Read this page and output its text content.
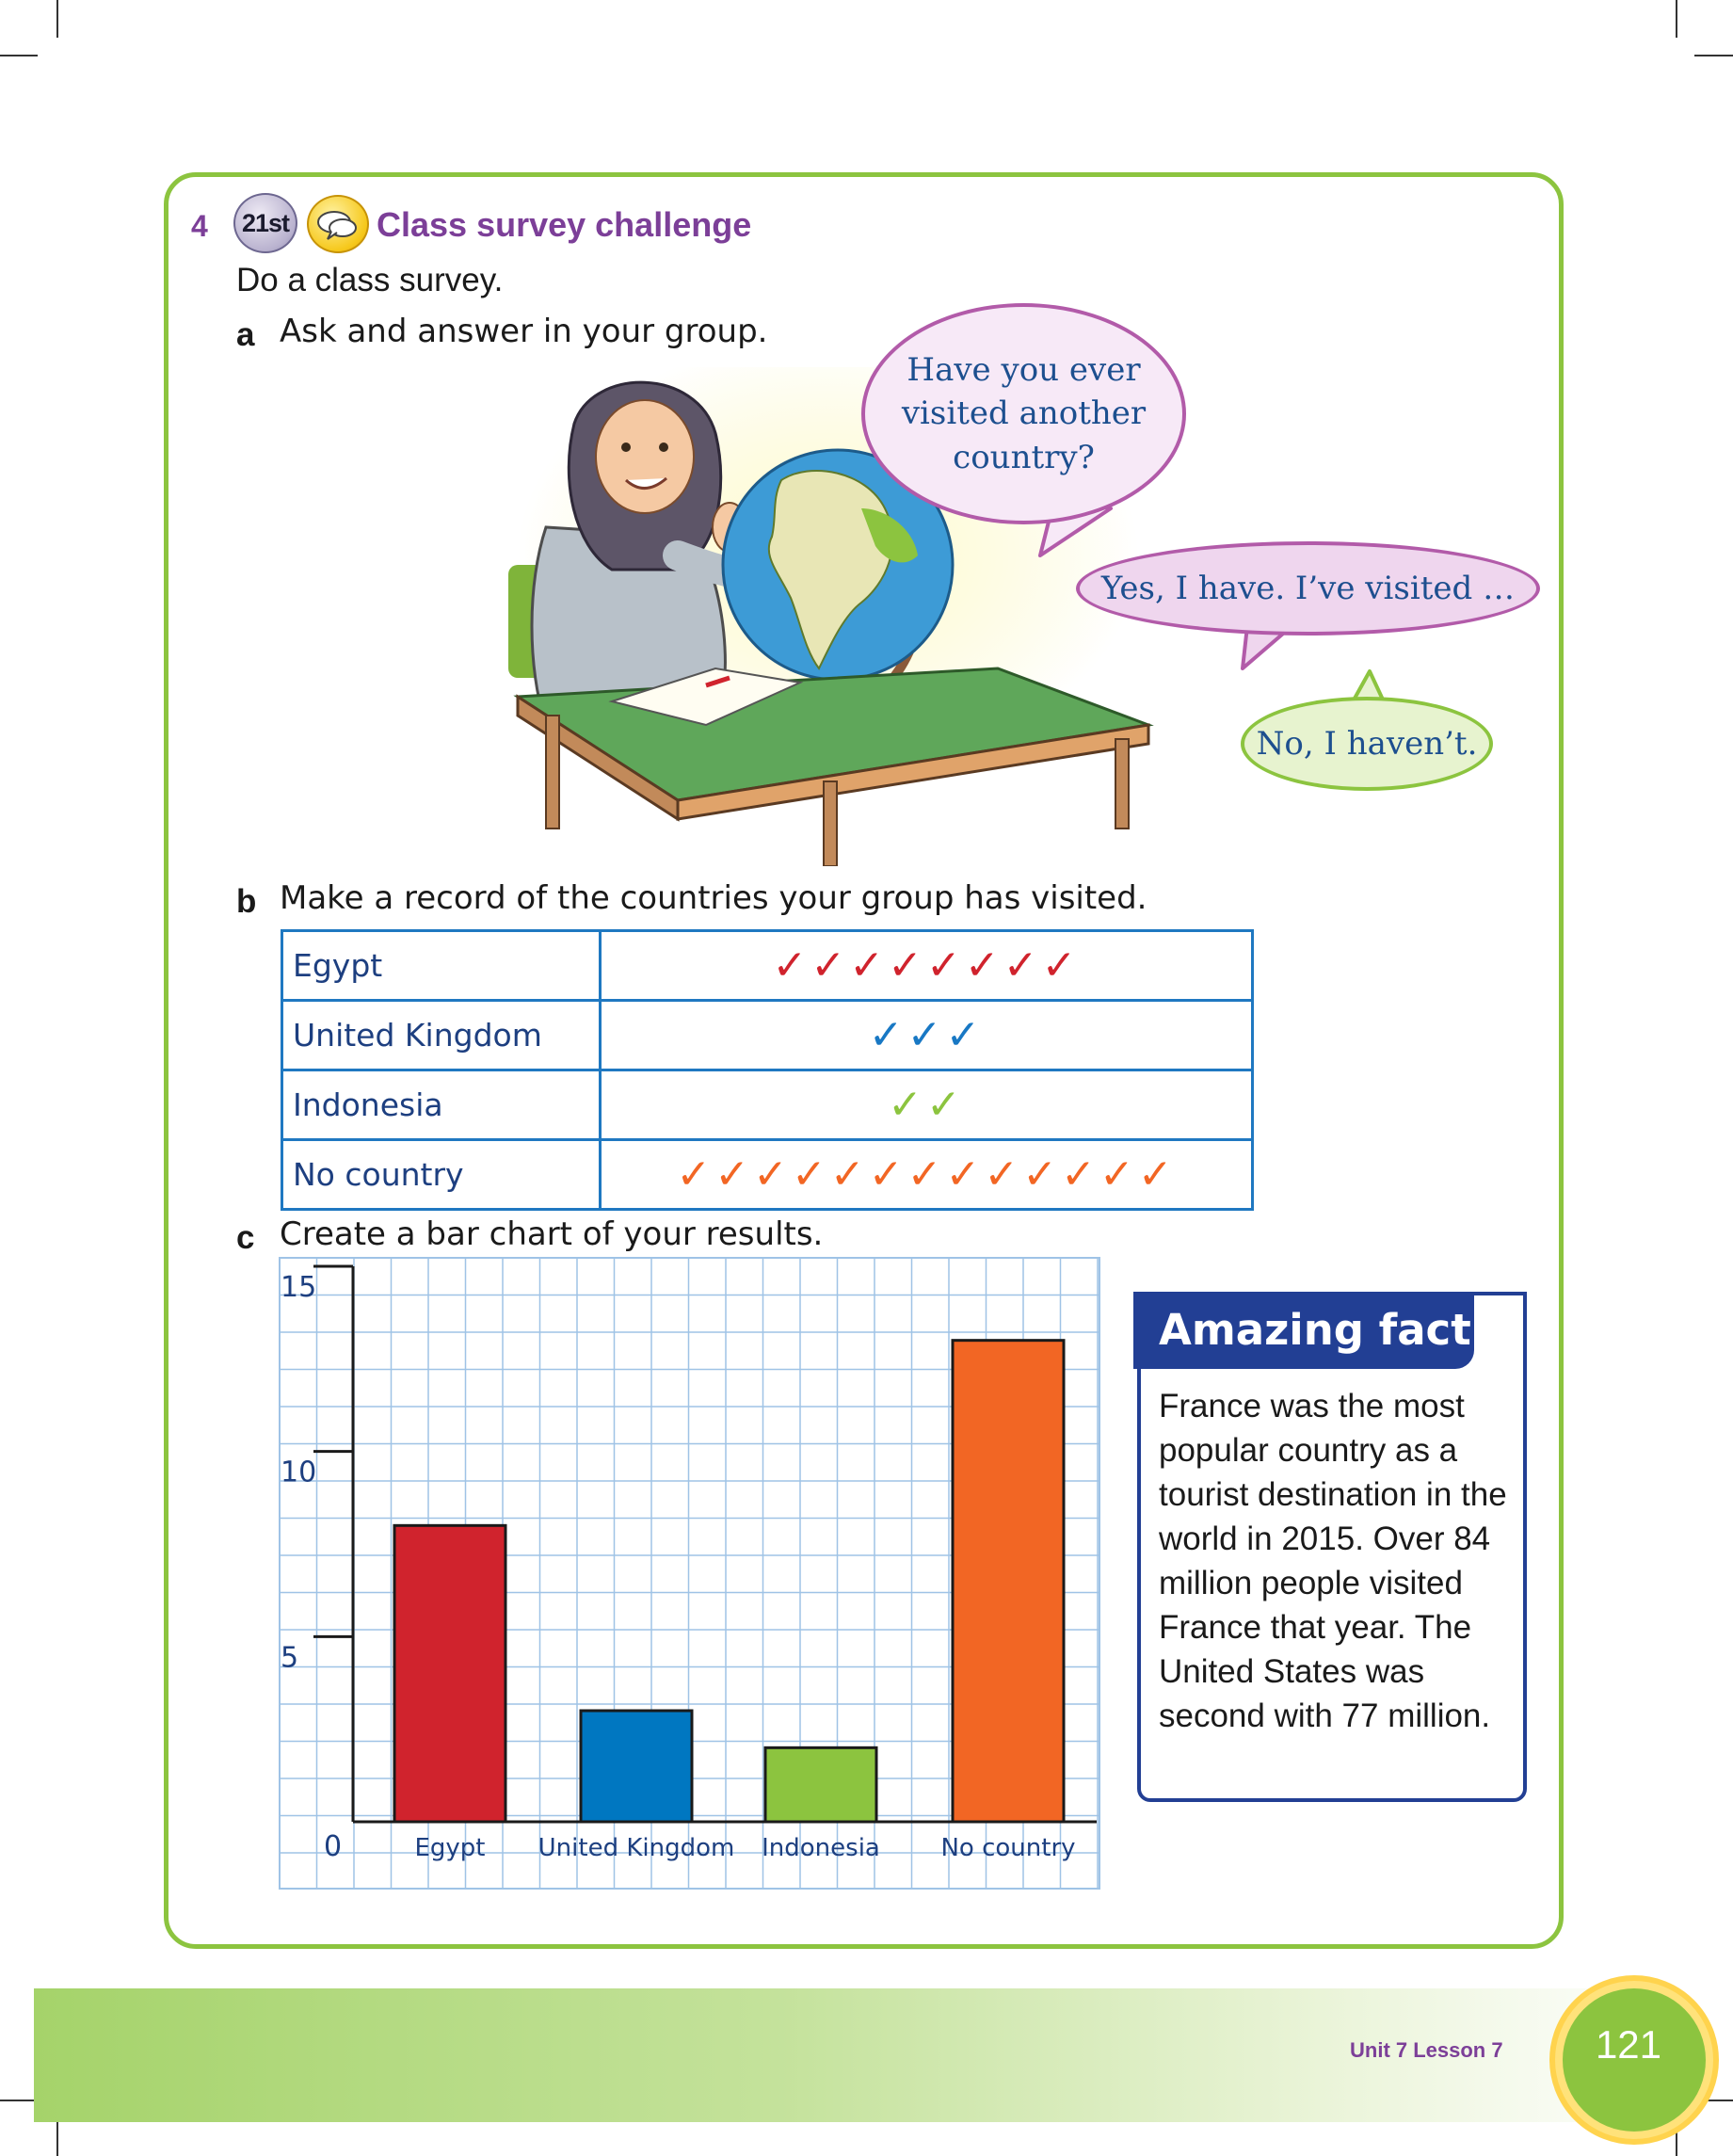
4	21st	Class survey challenge
Do a class survey.
a Ask and answer in your group.
Have you ever visited another country?
Yes, I have. I’ve visited …
No, I haven’t.
b Make a record of the countries your group has visited.
Egypt	✓✓✓✓✓✓✓✓
United Kingdom	✓✓✓
Indonesia	✓✓
No country	✓✓✓✓✓✓✓✓✓✓✓✓✓
c Create a bar chart of your results.
0
5
10
15
Egypt United Kingdom Indonesia No country
Amazing fact
France was the most popular country as a tourist destination in the world in 2015. Over 84 million people visited France that year. The United States was second with 77 million.
Unit 7 Lesson 7	121
